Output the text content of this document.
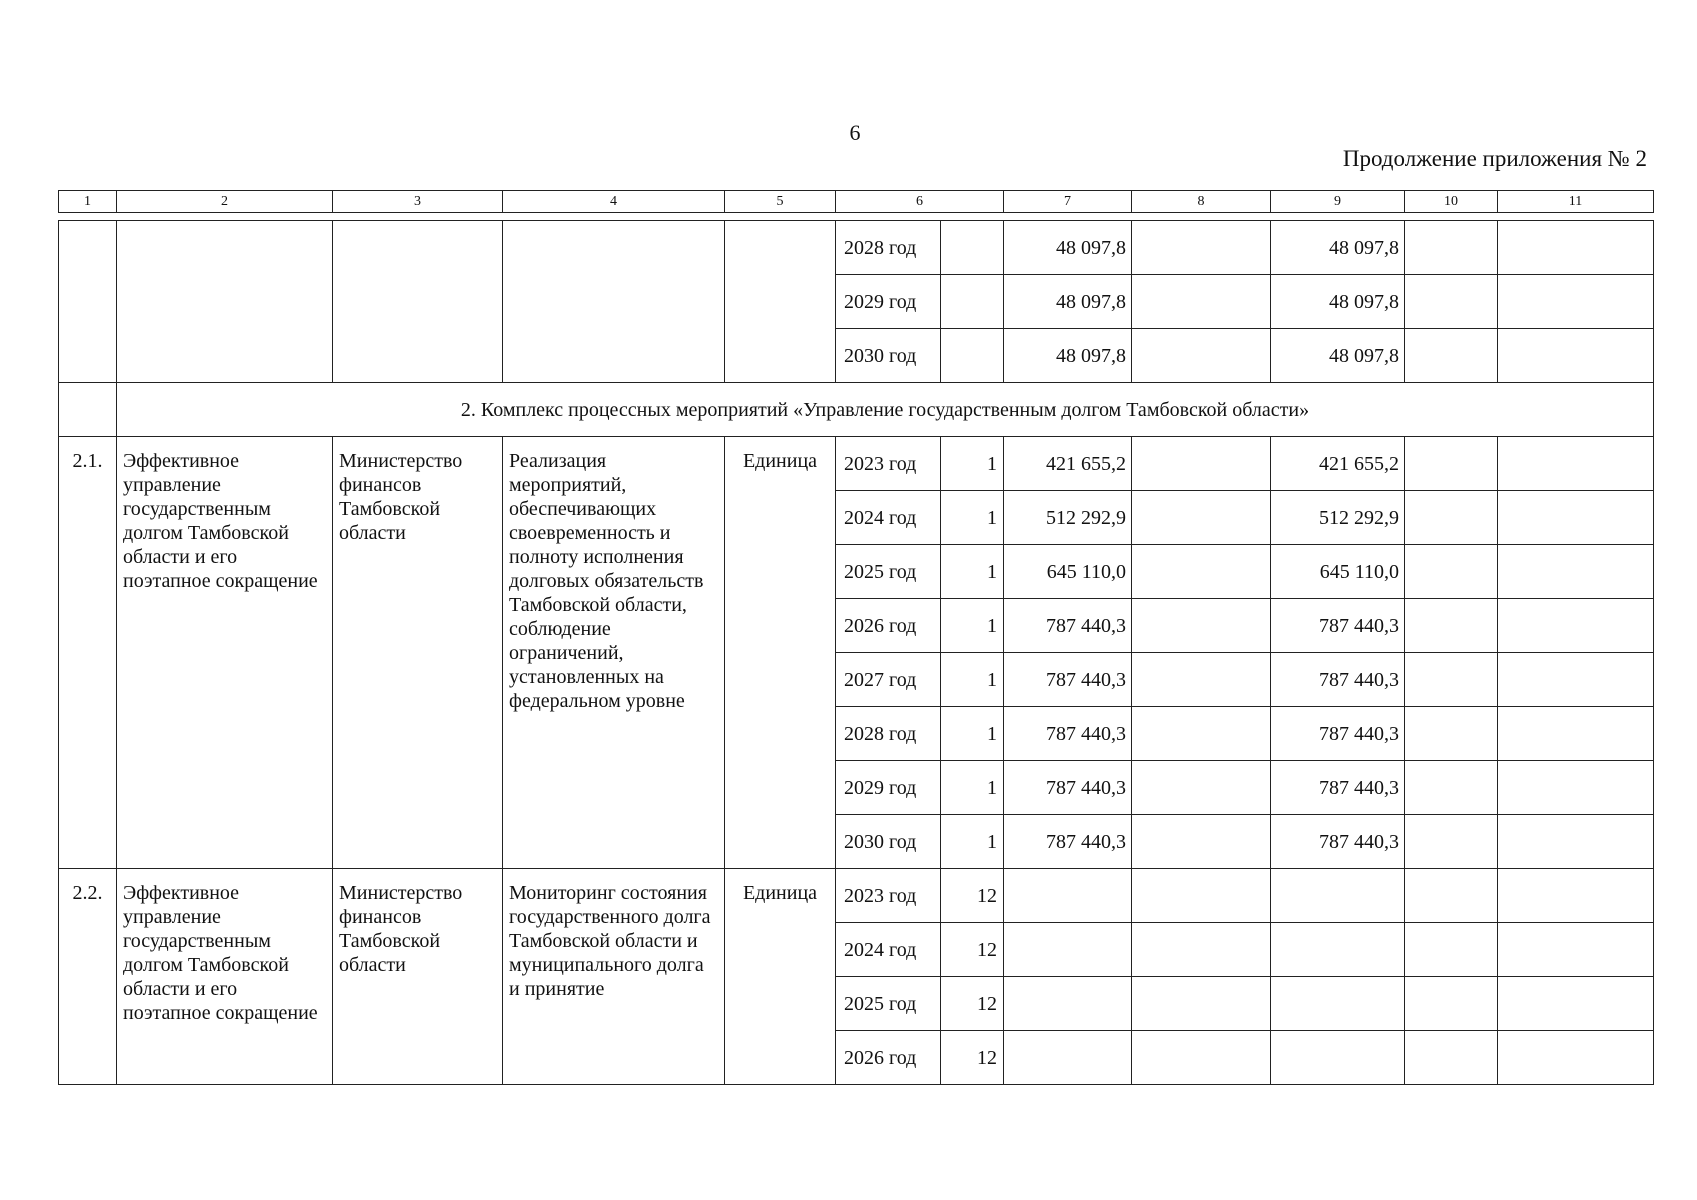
6
Продолжение приложения № 2
1	2	3	4	5	6	7	8	9	10	11
					2028 год		48 097,8		48 097,8		
					2029 год		48 097,8		48 097,8		
					2030 год		48 097,8		48 097,8		
	2. Комплекс процессных мероприятий «Управление государственным долгом Тамбовской области»										
2.1.	Эффективное управление государственным долгом Тамбовской области и его поэтапное сокращение	Министерство финансов Тамбовской области	Реализация мероприятий, обеспечивающих своевременность и полноту исполнения долговых обязательств Тамбовской области, соблюдение ограничений, установленных на федеральном уровне	Единица	2023 год	1	421 655,2		421 655,2		
					2024 год	1	512 292,9		512 292,9		
					2025 год	1	645 110,0		645 110,0		
					2026 год	1	787 440,3		787 440,3		
					2027 год	1	787 440,3		787 440,3		
					2028 год	1	787 440,3		787 440,3		
					2029 год	1	787 440,3		787 440,3		
					2030 год	1	787 440,3		787 440,3		
2.2.	Эффективное управление государственным долгом Тамбовской области и его поэтапное сокращение	Министерство финансов Тамбовской области	Мониторинг состояния государственного долга Тамбовской области и муниципального долга и принятие	Единица	2023 год	12					
					2024 год	12					
					2025 год	12					
					2026 год	12					
